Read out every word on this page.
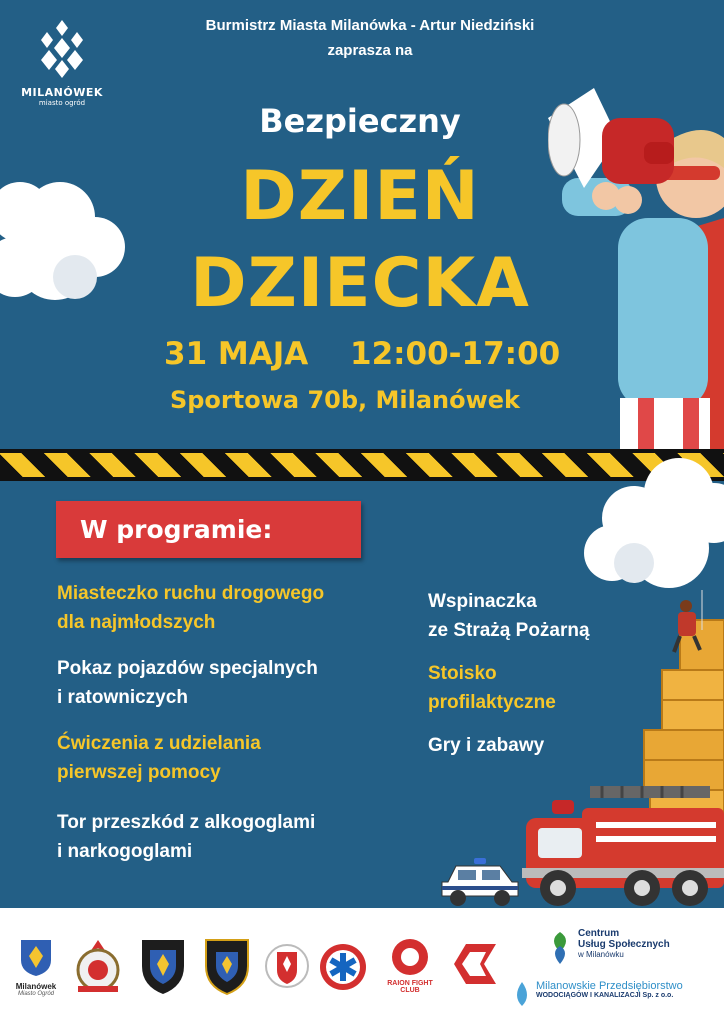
MILANÓWEK
miasto ogród
Burmistrz Miasta Milanówka - Artur Niedziński
zaprasza na
Bezpieczny
DZIEŃ
DZIECKA
31 MAJA 12:00-17:00
Sportowa 70b, Milanówek
W programie:
Miasteczko ruchu drogowego
dla najmłodszych
Pokaz pojazdów specjalnych
i ratowniczych
Ćwiczenia z udzielania
pierwszej pomocy
Tor przeszkód z alkogoglami
i narkogoglami
Wspinaczka
ze Strażą Pożarną
Stoisko
profilaktyczne
Gry i zabawy
Milanówek
Miasto Ogród
RAION FIGHT CLUB
Centrum
Usług Społecznych
w Milanówku
Milanowskie Przedsiębiorstwo
WODOCIĄGÓW I KANALIZACJI Sp. z o.o.
